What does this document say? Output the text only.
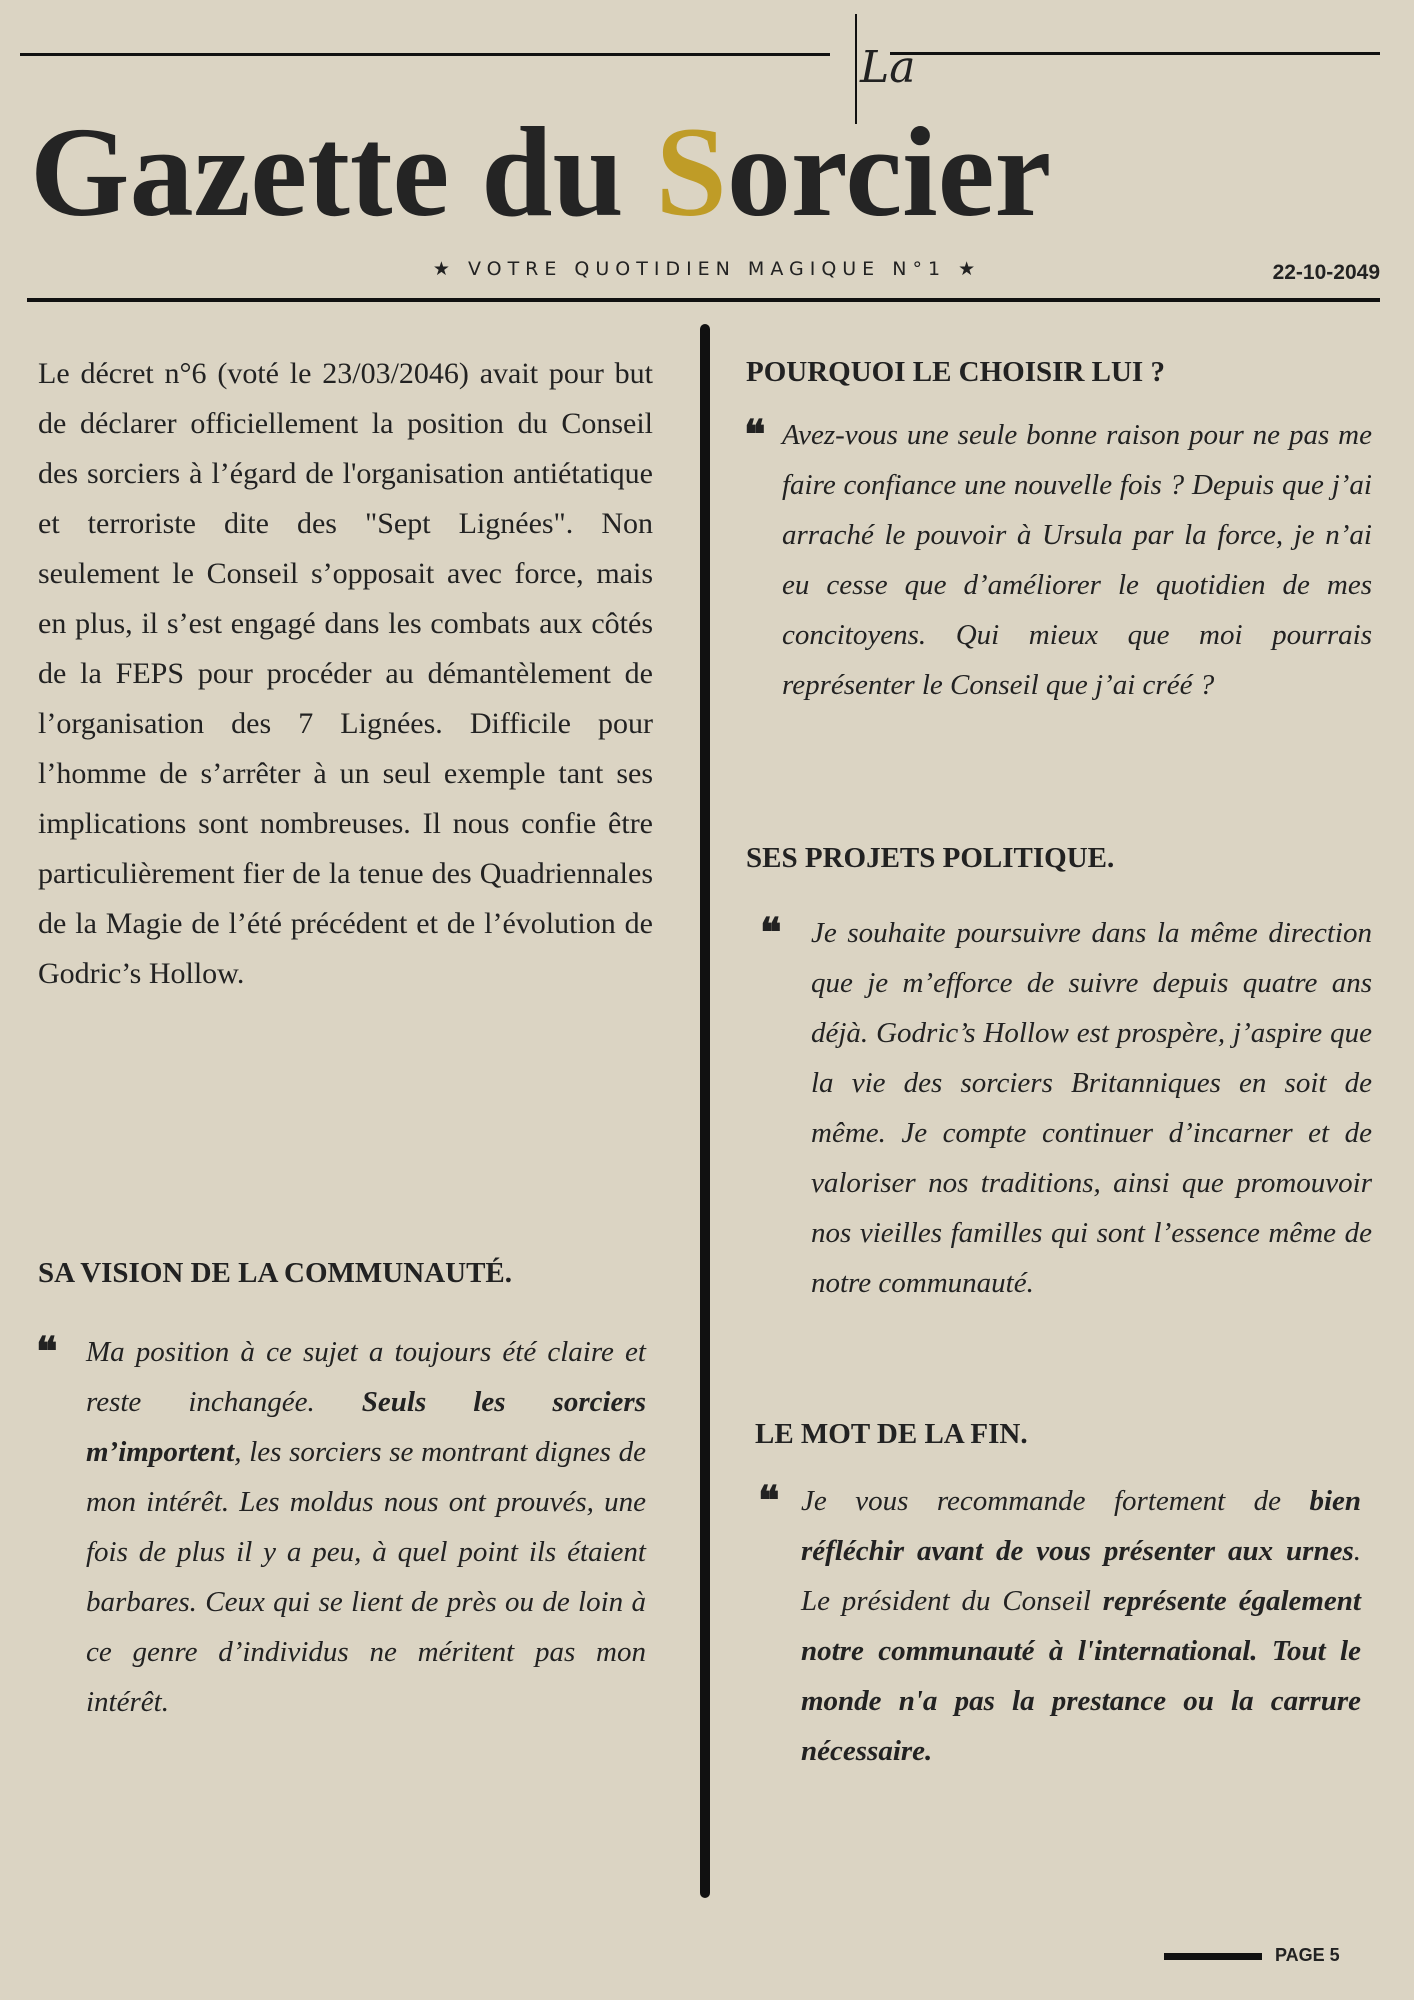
La
Gazette du Sorcier
★ VOTRE QUOTIDIEN MAGIQUE N°1 ★	22-10-2049
Le décret n°6 (voté le 23/03/2046) avait pour but de déclarer officiellement la position du Conseil des sorciers à l’égard de l'organisation antiétatique et terroriste dite des "Sept Lignées". Non seulement le Conseil s’opposait avec force, mais en plus, il s’est engagé dans les combats aux côtés de la FEPS pour procéder au démantèlement de l’organisation des 7 Lignées. Difficile pour l’homme de s’arrêter à un seul exemple tant ses implications sont nombreuses. Il nous confie être particulièrement fier de la tenue des Quadriennales de la Magie de l’été précédent et de l’évolution de Godric’s Hollow.
SA VISION DE LA COMMUNAUTÉ.
❝ Ma position à ce sujet a toujours été claire et reste inchangée. Seuls les sorciers m’importent, les sorciers se montrant dignes de mon intérêt. Les moldus nous ont prouvés, une fois de plus il y a peu, à quel point ils étaient barbares. Ceux qui se lient de près ou de loin à ce genre d’individus ne méritent pas mon intérêt.
POURQUOI LE CHOISIR LUI ?
❝ Avez-vous une seule bonne raison pour ne pas me faire confiance une nouvelle fois ? Depuis que j’ai arraché le pouvoir à Ursula par la force, je n’ai eu cesse que d’améliorer le quotidien de mes concitoyens. Qui mieux que moi pourrais représenter le Conseil que j’ai créé ?
SES PROJETS POLITIQUE.
❝ Je souhaite poursuivre dans la même direction que je m’efforce de suivre depuis quatre ans déjà. Godric’s Hollow est prospère, j’aspire que la vie des sorciers Britanniques en soit de même. Je compte continuer d’incarner et de valoriser nos traditions, ainsi que promouvoir nos vieilles familles qui sont l’essence même de notre communauté.
LE MOT DE LA FIN.
❝ Je vous recommande fortement de bien réfléchir avant de vous présenter aux urnes. Le président du Conseil représente également notre communauté à l'international. Tout le monde n'a pas la prestance ou la carrure nécessaire.
PAGE 5
